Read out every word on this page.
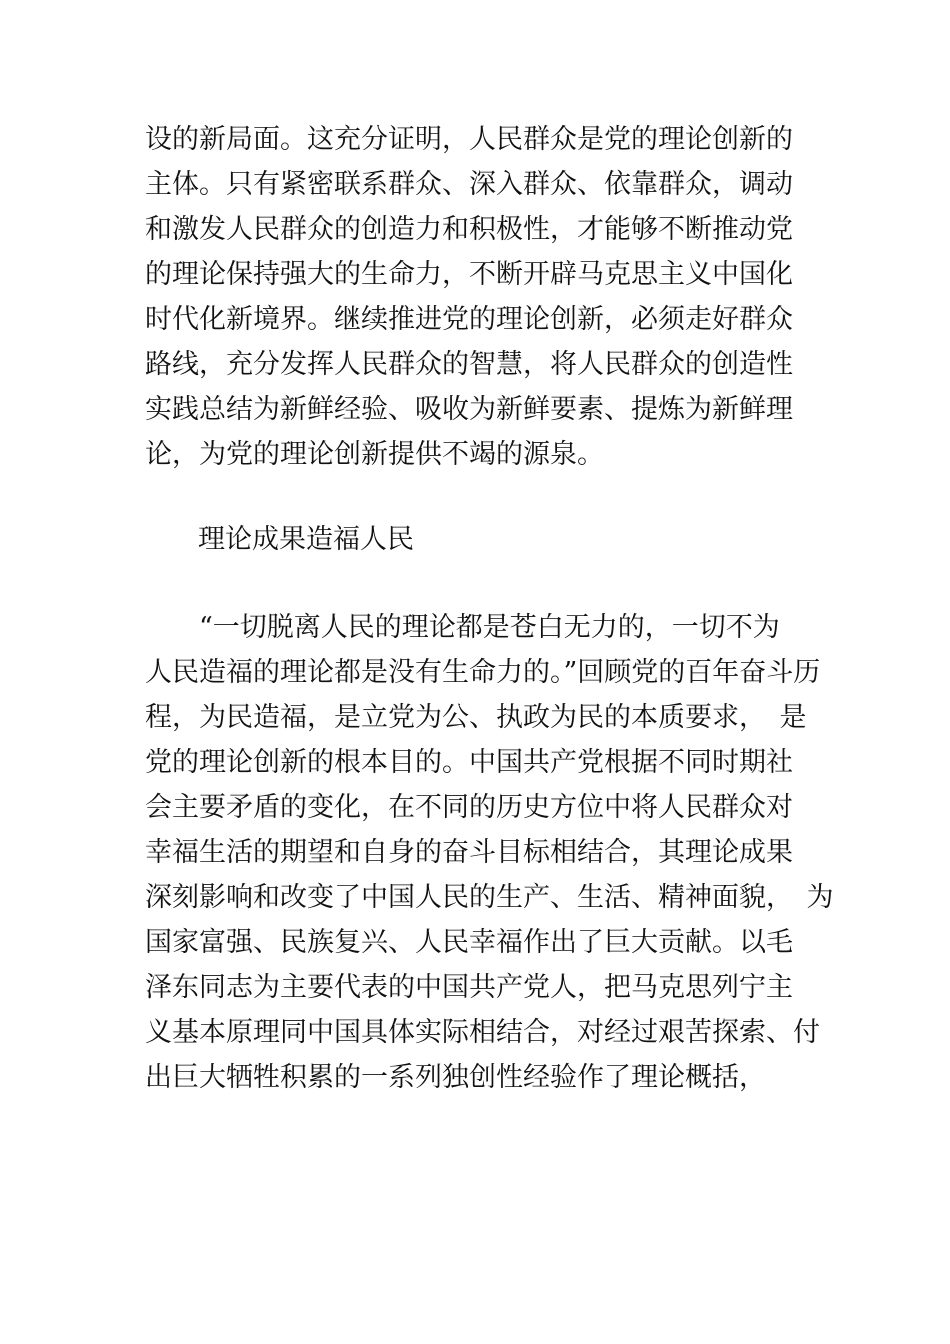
设的新局面。这充分证明，人民群众是党的理论创新的
主体。只有紧密联系群众、深入群众、依靠群众，调动
和激发人民群众的创造力和积极性，才能够不断推动党
的理论保持强大的生命力，不断开辟马克思主义中国化
时代化新境界。继续推进党的理论创新，必须走好群众
路线，充分发挥人民群众的智慧，将人民群众的创造性
实践总结为新鲜经验、吸收为新鲜要素、提炼为新鲜理
论，为党的理论创新提供不竭的源泉。
理论成果造福人民
　　“一切脱离人民的理论都是苍白无力的，一切不为
人民造福的理论都是没有生命力的。”回顾党的百年奋斗历
程，为民造福，是立党为公、执政为民的本质要求，　是
党的理论创新的根本目的。中国共产党根据不同时期社
会主要矛盾的变化，在不同的历史方位中将人民群众对
幸福生活的期望和自身的奋斗目标相结合，其理论成果
深刻影响和改变了中国人民的生产、生活、精神面貌，　为
国家富强、民族复兴、人民幸福作出了巨大贡献。以毛
泽东同志为主要代表的中国共产党人，把马克思列宁主
义基本原理同中国具体实际相结合，对经过艰苦探索、付
出巨大牺牲积累的一系列独创性经验作了理论概括，
